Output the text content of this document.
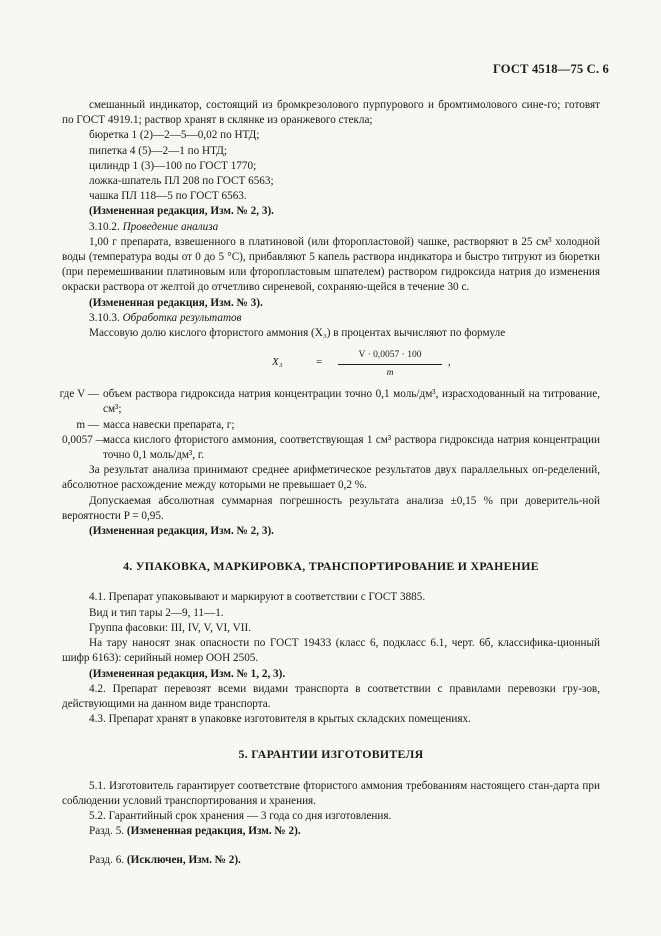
ГОСТ 4518—75 С. 6

смешанный индикатор, состоящий из бромкрезолового пурпурового и бромтимолового сине-го; готовят по ГОСТ 4919.1; раствор хранят в склянке из оранжевого стекла;

бюретка 1 (2)—2—5—0,02 по НТД;

пипетка 4 (5)—2—1 по НТД;

цилиндр 1 (3)—100 по ГОСТ 1770;

ложка-шпатель ПЛ 208 по ГОСТ 6563;

чашка ПЛ 118—5 по ГОСТ 6563.

(Измененная редакция, Изм. № 2, 3).

3.10.2. Проведение анализа

1,00 г препарата, взвешенного в платиновой (или фторопластовой) чашке, растворяют в 25 см³ холодной воды (температура воды от 0 до 5 °С), прибавляют 5 капель раствора индикатора и быстро титруют из бюретки (при перемешивании платиновым или фторопластовым шпателем) раствором гидроксида натрия до изменения окраски раствора от желтой до отчетливо сиреневой, сохраняю-щейся в течение 30 с.

(Измененная редакция, Изм. № 3).

3.10.3. Обработка результатов

Массовую долю кислого фтористого аммония (X₃) в процентах вычисляют по формуле

X₃	= $\frac{V \cdot 0,0057 \cdot 100}{m}$ ,

где V — объем раствора гидроксида натрия концентрации точно 0,1 моль/дм³, израсходованный на титрование, см³;

m — масса навески препарата, г;

0,0057 —
масса кислого фтористого аммония, соответствующая 1 см³ раствора гидроксида натрия концентрации точно 0,1 моль/дм³, г.

За результат анализа принимают среднее арифметическое результатов двух параллельных оп-ределений, абсолютное расхождение между которыми не превышает 0,2 %.

Допускаемая абсолютная суммарная погрешность результата анализа ±0,15 % при доверитель-ной вероятности P = 0,95.

(Измененная редакция, Изм. № 2, 3).

4. УПАКОВКА, МАРКИРОВКА, ТРАНСПОРТИРОВАНИЕ И ХРАНЕНИЕ

4.1. Препарат упаковывают и маркируют в соответствии с ГОСТ 3885.

Вид и тип тары 2—9, 11—1.

Группа фасовки: III, IV, V, VI, VII.

На тару наносят знак опасности по ГОСТ 19433 (класс 6, подкласс 6.1, черт. 6б, классифика-ционный шифр 6163): серийный номер ООН 2505.

(Измененная редакция, Изм. № 1, 2, 3).

4.2. Препарат перевозят всеми видами транспорта в соответствии с правилами перевозки гру-зов, действующими на данном виде транспорта.

4.3. Препарат хранят в упаковке изготовителя в крытых складских помещениях.

5. ГАРАНТИИ ИЗГОТОВИТЕЛЯ

5.1. Изготовитель гарантирует соответствие фтористого аммония требованиям настоящего стан-дарта при соблюдении условий транспортирования и хранения.

5.2. Гарантийный срок хранения — 3 года со дня изготовления.

Разд. 5. (Измененная редакция, Изм. № 2).

Разд. 6. (Исключен, Изм. № 2).
